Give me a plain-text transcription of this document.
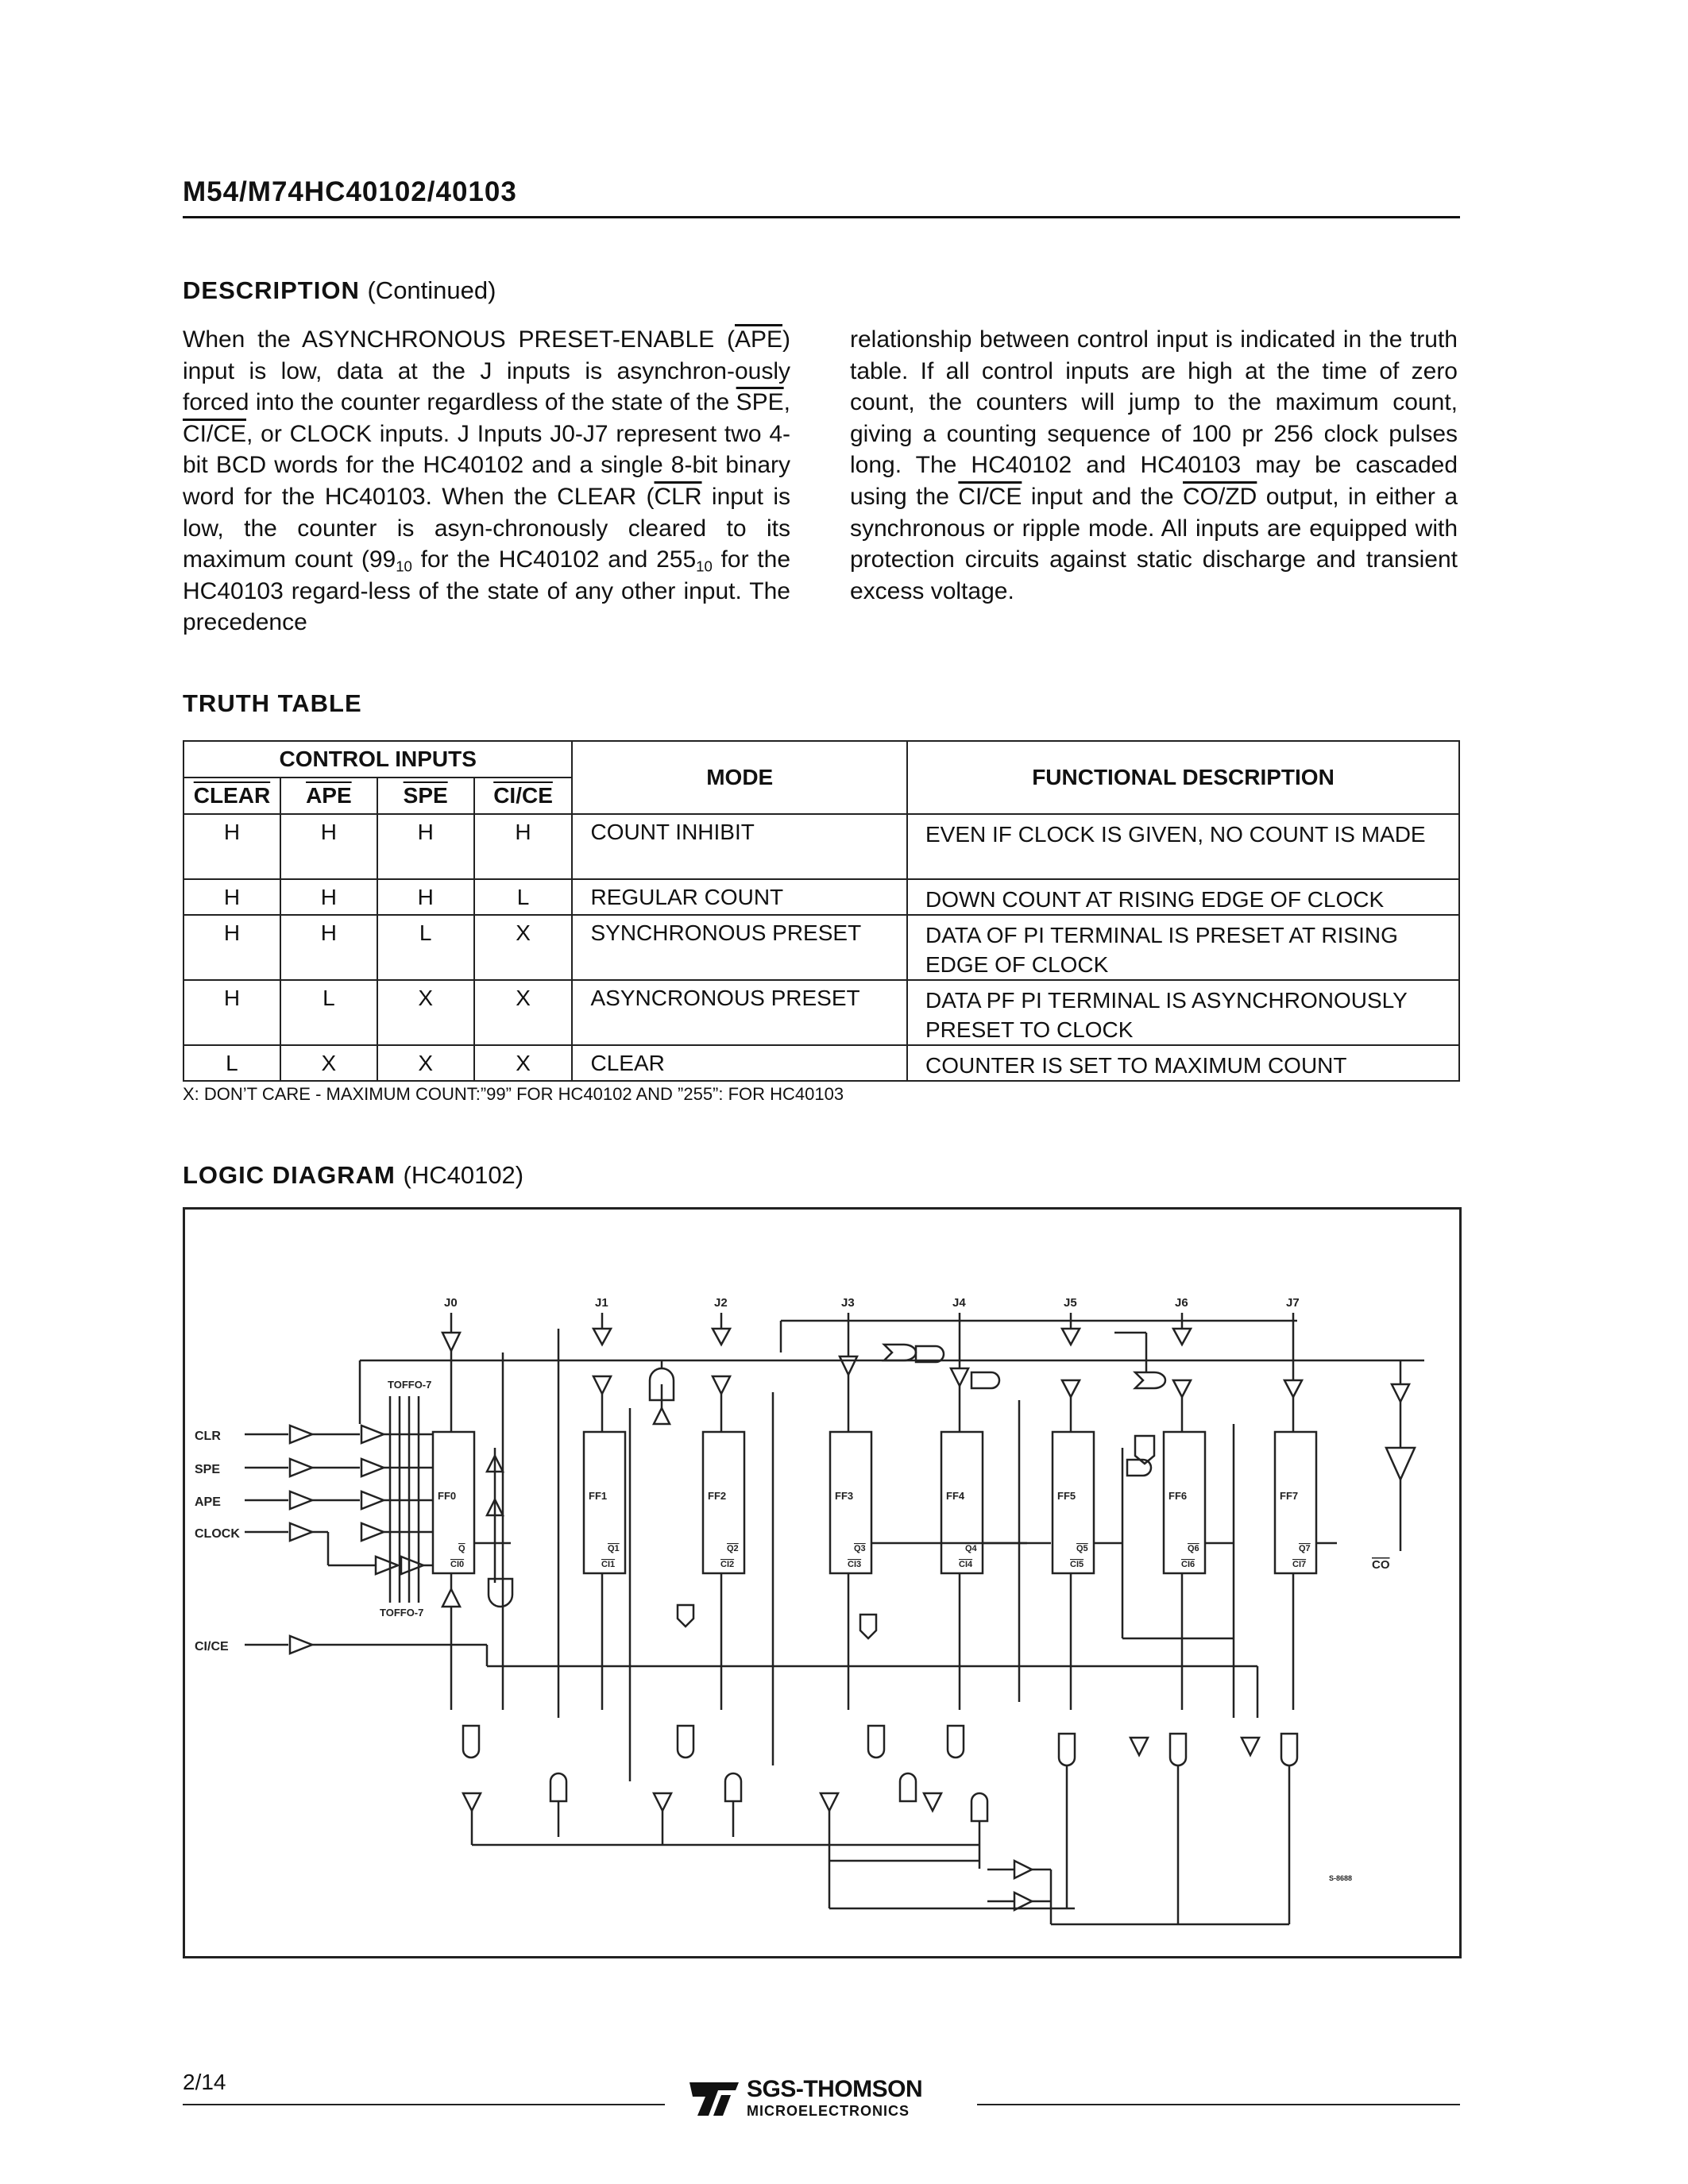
M54/M74HC40102/40103
DESCRIPTION (Continued)
When the ASYNCHRONOUS PRESET-ENABLE $(\overline{APE})$ input is low, data at the J inputs is asynchron-ously forced into the counter regardless of the state of the $\overline{SPE}$, CI/CE, or CLOCK inputs. J Inputs J0-J7 represent two 4-bit BCD words for the HC40102 and a single 8-bit binary word for the HC40103. When the CLEAR ($\overline{CLR}$ input is low, the counter is asyn-chronously cleared to its maximum count ($99_{10}$ for the HC40102 and $255_{10}$ for the HC40103 regard-less of the state of any other input. The precedence
relationship between control input is indicated in the truth table. If all control inputs are high at the time of zero count, the counters will jump to the maximum count, giving a counting sequence of 100 pr 256 clock pulses long. The HC40102 and HC40103 may be cascaded using the CI/CE input and the CO/ZD output, in either a synchronous or ripple mode. All inputs are equipped with protection circuits against static discharge and transient excess voltage.
TRUTH TABLE
CONTROL INPUTS				MODE	FUNCTIONAL DESCRIPTION
CLEAR	$\overline{APE}$	$\overline{SPE}$	CI/CE		
H	H	H	H	COUNT INHIBIT	EVEN IF CLOCK IS GIVEN, NO COUNT IS MADE
H	H	H	L	REGULAR COUNT	DOWN COUNT AT RISING EDGE OF CLOCK
H	H	L	X	SYNCHRONOUS PRESET	DATA OF PI TERMINAL IS PRESET AT RISING EDGE OF CLOCK
H	L	X	X	ASYNCRONOUS PRESET	DATA PF PI TERMINAL IS ASYNCHRONOUSLY PRESET TO CLOCK
L	X	X	X	CLEAR	COUNTER IS SET TO MAXIMUM COUNT
X: DON’T CARE - MAXIMUM COUNT:”99” FOR HC40102 AND ”255”: FOR HC40103
LOGIC DIAGRAM (HC40102)
CLR
SPE
APE
CLOCK
CI/CE
TOFFO-7
TOFFO-7
CO
S-8688
J0	J1	J2	J3	J4	J5	J6	J7
FF0	FF1	FF2	FF3	FF4	FF5	FF6	FF7
Q	Q1	Q2	Q3	Q4	Q5	Q6	Q7
CI0	CI1	CI2	CI3	CI4	CI5	CI6	CI7
2/14	SGS-THOMSON
MICROELECTRONICS
